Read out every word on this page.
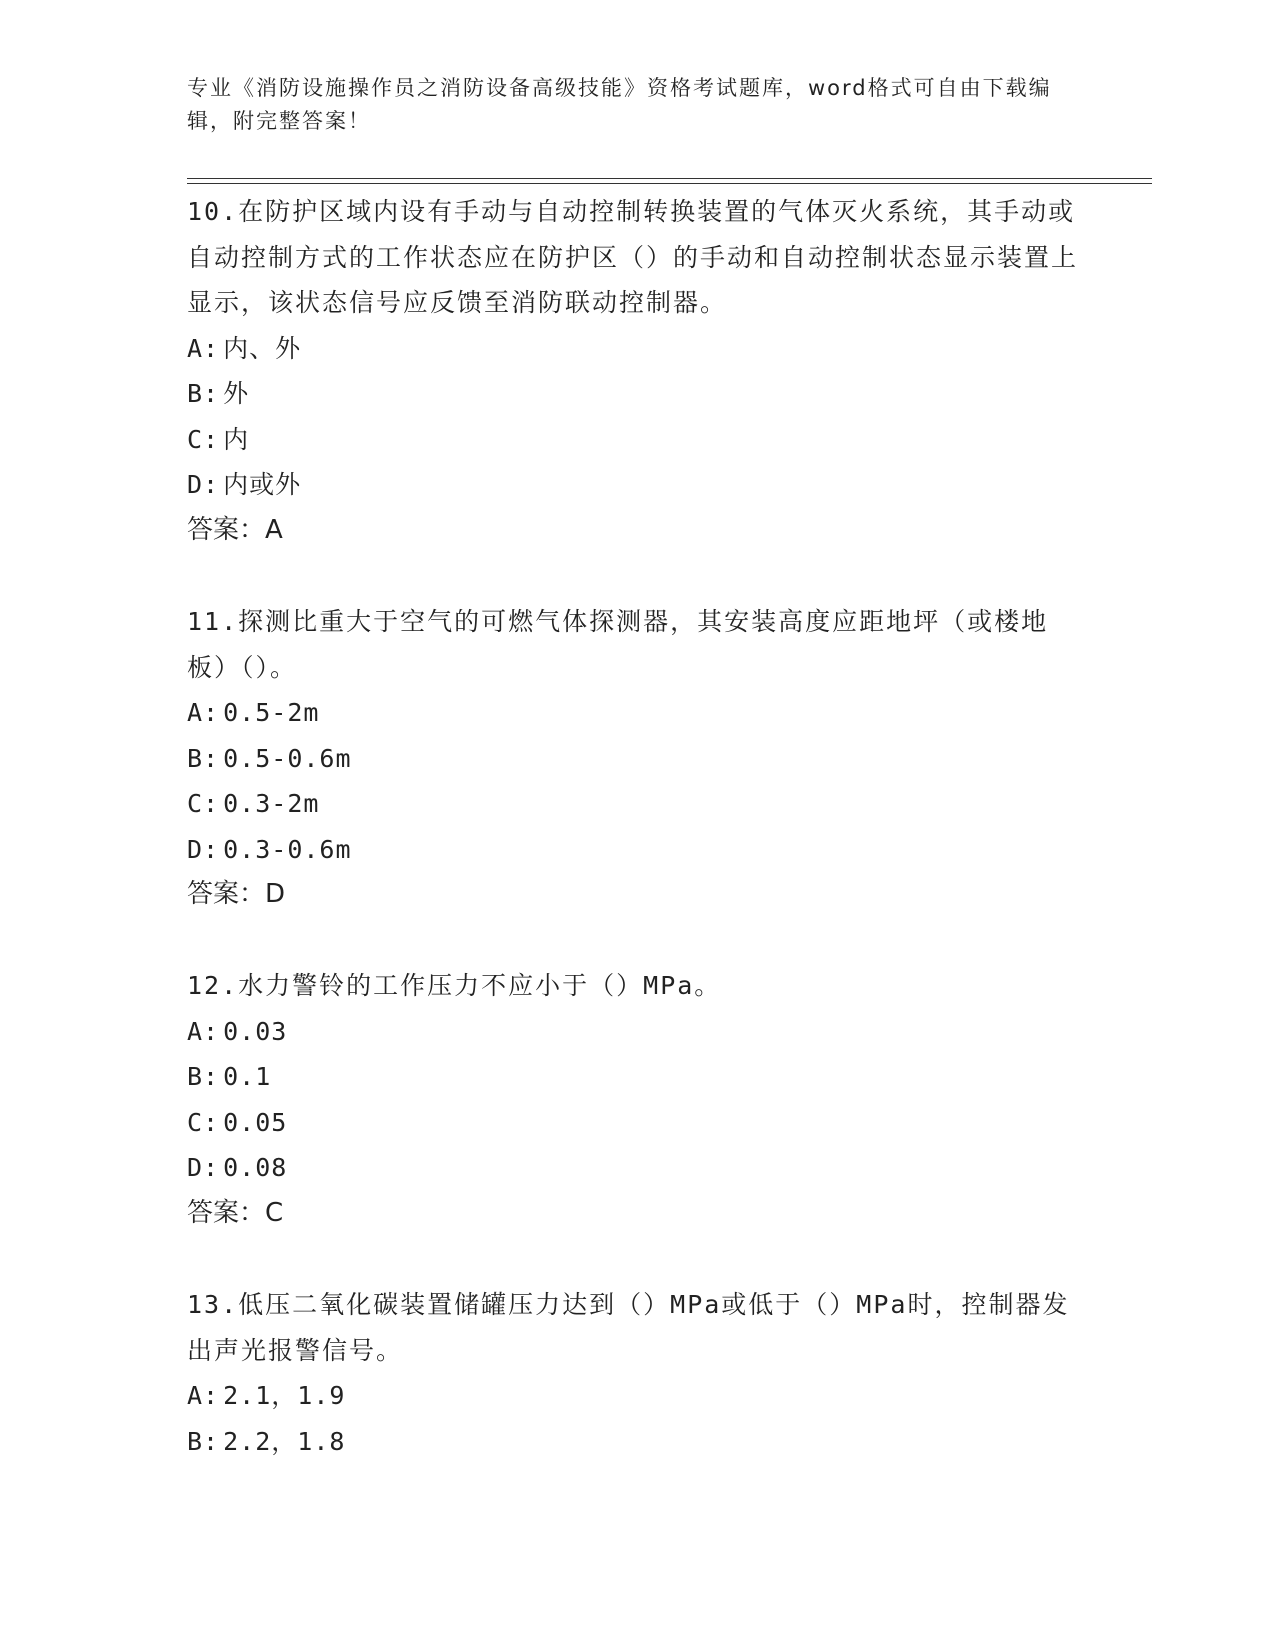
专业《消防设施操作员之消防设备高级技能》资格考试题库，word格式可自由下载编辑，附完整答案！

10.在防护区域内设有手动与自动控制转换装置的气体灭火系统，其手动或自动控制方式的工作状态应在防护区（）的手动和自动控制状态显示装置上显示，该状态信号应反馈至消防联动控制器。

A: 内、外

B: 外

C: 内

D: 内或外

答案：A

11.探测比重大于空气的可燃气体探测器，其安装高度应距地坪（或楼地板）（）。

A: 0.5-2m

B: 0.5-0.6m

C: 0.3-2m

D: 0.3-0.6m

答案：D

12.水力警铃的工作压力不应小于（）MPa。

A: 0.03

B: 0.1

C: 0.05

D: 0.08

答案：C

13.低压二氧化碳装置储罐压力达到（）MPa或低于（）MPa时，控制器发出声光报警信号。

A: 2.1，1.9

B: 2.2，1.8
